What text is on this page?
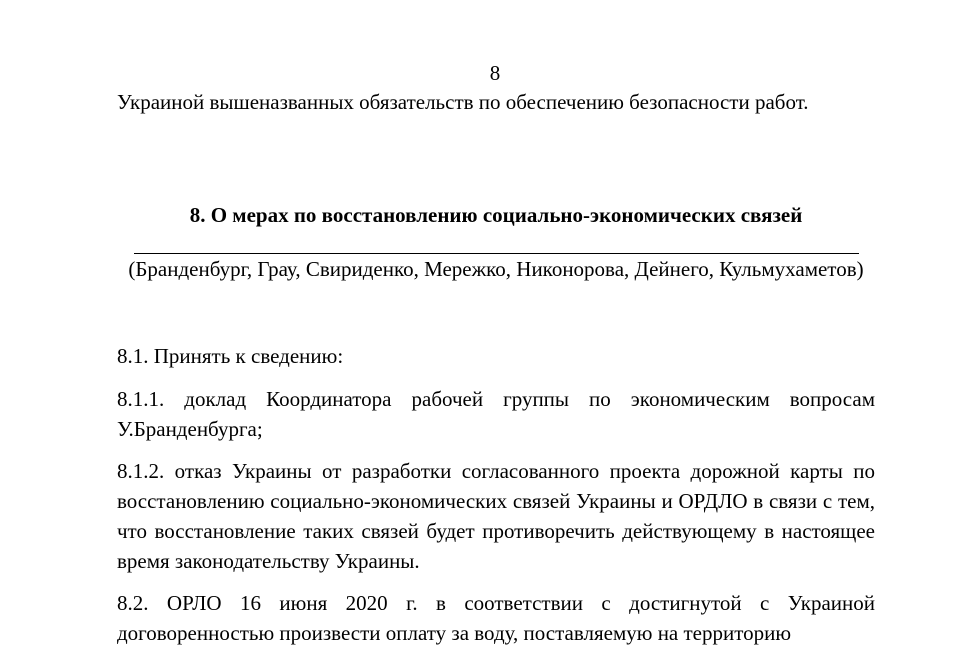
8
Украиной вышеназванных обязательств по обеспечению безопасности работ.
8. О мерах по восстановлению социально-экономических связей
(Бранденбург, Грау, Свириденко, Мережко, Никонорова, Дейнего, Кульмухаметов)
8.1. Принять к сведению:
8.1.1. доклад Координатора рабочей группы по экономическим вопросам У.Бранденбурга;
8.1.2. отказ Украины от разработки согласованного проекта дорожной карты по восстановлению социально-экономических связей Украины и ОРДЛО в связи с тем, что восстановление таких связей будет противоречить действующему в настоящее время законодательству Украины.
8.2. ОРЛО 16 июня 2020 г. в соответствии с достигнутой с Украиной договоренностью произвести оплату за воду, поставляемую на территорию
